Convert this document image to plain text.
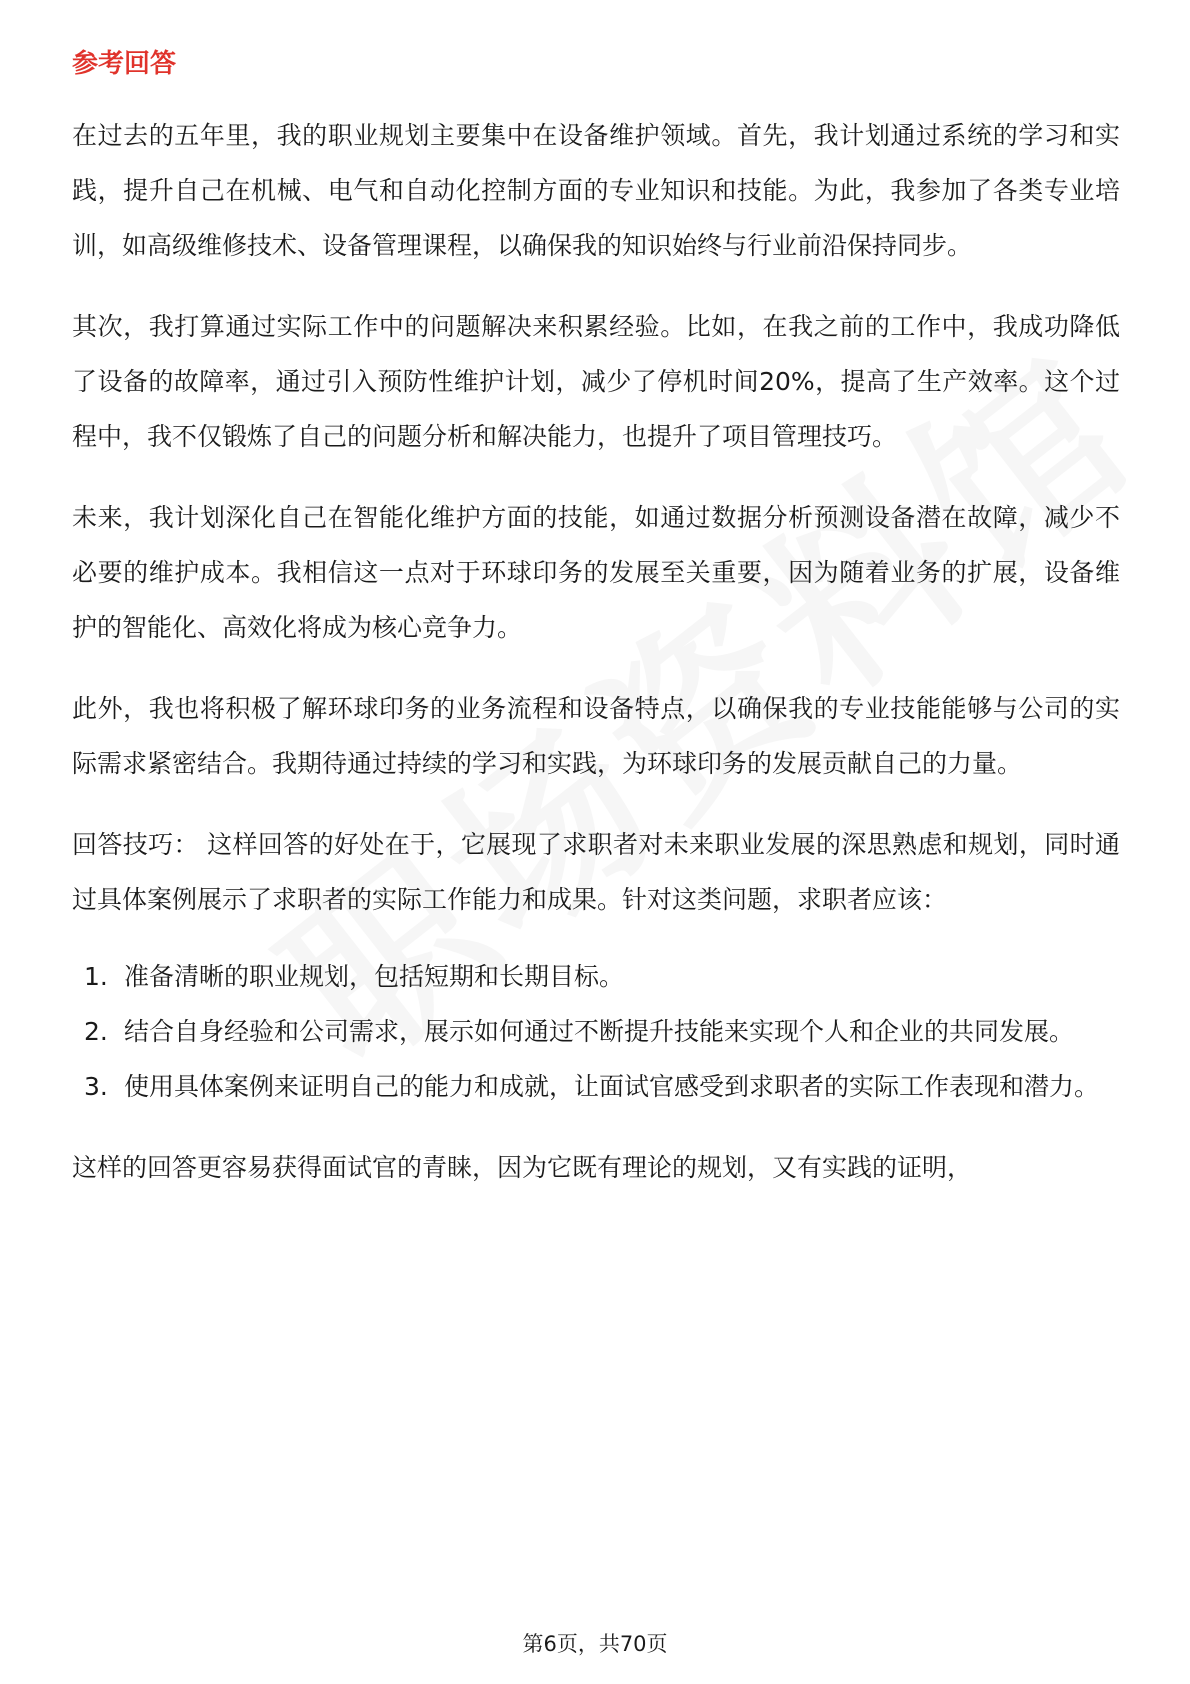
参考回答

在过去的五年里，我的职业规划主要集中在设备维护领域。首先，我计划通过系统的学习和实践，提升自己在机械、电气和自动化控制方面的专业知识和技能。为此，我参加了各类专业培训，如高级维修技术、设备管理课程，以确保我的知识始终与行业前沿保持同步。

其次，我打算通过实际工作中的问题解决来积累经验。比如，在我之前的工作中，我成功降低了设备的故障率，通过引入预防性维护计划，减少了停机时间20%，提高了生产效率。这个过程中，我不仅锻炼了自己的问题分析和解决能力，也提升了项目管理技巧。

未来，我计划深化自己在智能化维护方面的技能，如通过数据分析预测设备潜在故障，减少不必要的维护成本。我相信这一点对于环球印务的发展至关重要，因为随着业务的扩展，设备维护的智能化、高效化将成为核心竞争力。

此外，我也将积极了解环球印务的业务流程和设备特点，以确保我的专业技能能够与公司的实际需求紧密结合。我期待通过持续的学习和实践，为环球印务的发展贡献自己的力量。

回答技巧： 这样回答的好处在于，它展现了求职者对未来职业发展的深思熟虑和规划，同时通过具体案例展示了求职者的实际工作能力和成果。针对这类问题，求职者应该：

1. 准备清晰的职业规划，包括短期和长期目标。
2. 结合自身经验和公司需求，展示如何通过不断提升技能来实现个人和企业的共同发展。
3. 使用具体案例来证明自己的能力和成就，让面试官感受到求职者的实际工作表现和潜力。

这样的回答更容易获得面试官的青睐，因为它既有理论的规划，又有实践的证明，

第6页，共70页
